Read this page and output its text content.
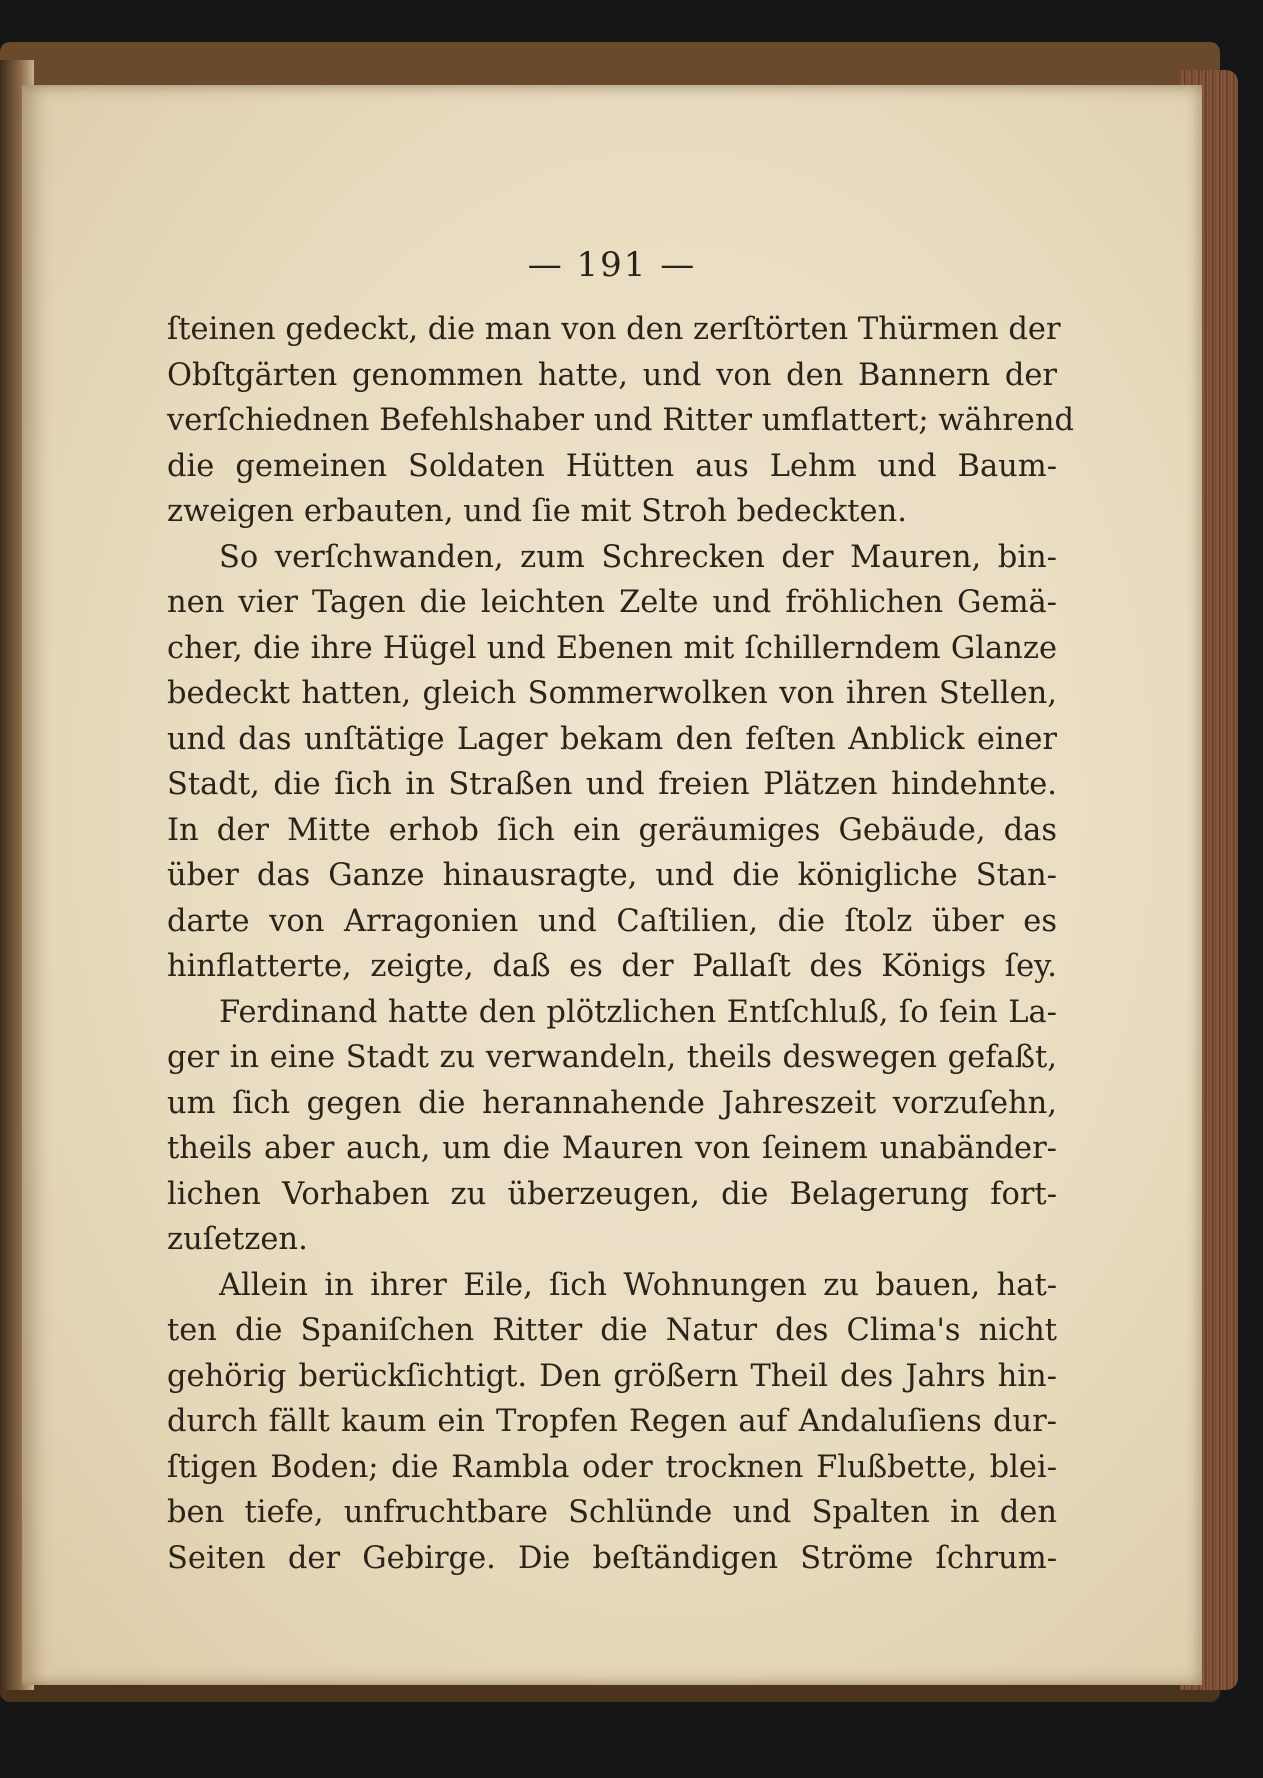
— 191 —
ſteinen gedeckt, die man von den zerſtörten Thürmen der
Obſtgärten genommen hatte, und von den Bannern der
verſchiednen Befehlshaber und Ritter umflattert; während
die gemeinen Soldaten Hütten aus Lehm und Baum-
zweigen erbauten, und ſie mit Stroh bedeckten.
So verſchwanden, zum Schrecken der Mauren, bin-
nen vier Tagen die leichten Zelte und fröhlichen Gemä-
cher, die ihre Hügel und Ebenen mit ſchillerndem Glanze
bedeckt hatten, gleich Sommerwolken von ihren Stellen,
und das unſtätige Lager bekam den feſten Anblick einer
Stadt, die ſich in Straßen und freien Plätzen hindehnte.
In der Mitte erhob ſich ein geräumiges Gebäude, das
über das Ganze hinausragte, und die königliche Stan-
darte von Arragonien und Caſtilien, die ſtolz über es
hinflatterte, zeigte, daß es der Pallaſt des Königs ſey.
Ferdinand hatte den plötzlichen Entſchluß, ſo ſein La-
ger in eine Stadt zu verwandeln, theils deswegen gefaßt,
um ſich gegen die herannahende Jahreszeit vorzuſehn,
theils aber auch, um die Mauren von ſeinem unabänder-
lichen Vorhaben zu überzeugen, die Belagerung fort-
zuſetzen.
Allein in ihrer Eile, ſich Wohnungen zu bauen, hat-
ten die Spaniſchen Ritter die Natur des Clima's nicht
gehörig berückſichtigt. Den größern Theil des Jahrs hin-
durch fällt kaum ein Tropfen Regen auf Andaluſiens dur-
ſtigen Boden; die Rambla oder trocknen Flußbette, blei-
ben tiefe, unfruchtbare Schlünde und Spalten in den
Seiten der Gebirge. Die beſtändigen Ströme ſchrum-
